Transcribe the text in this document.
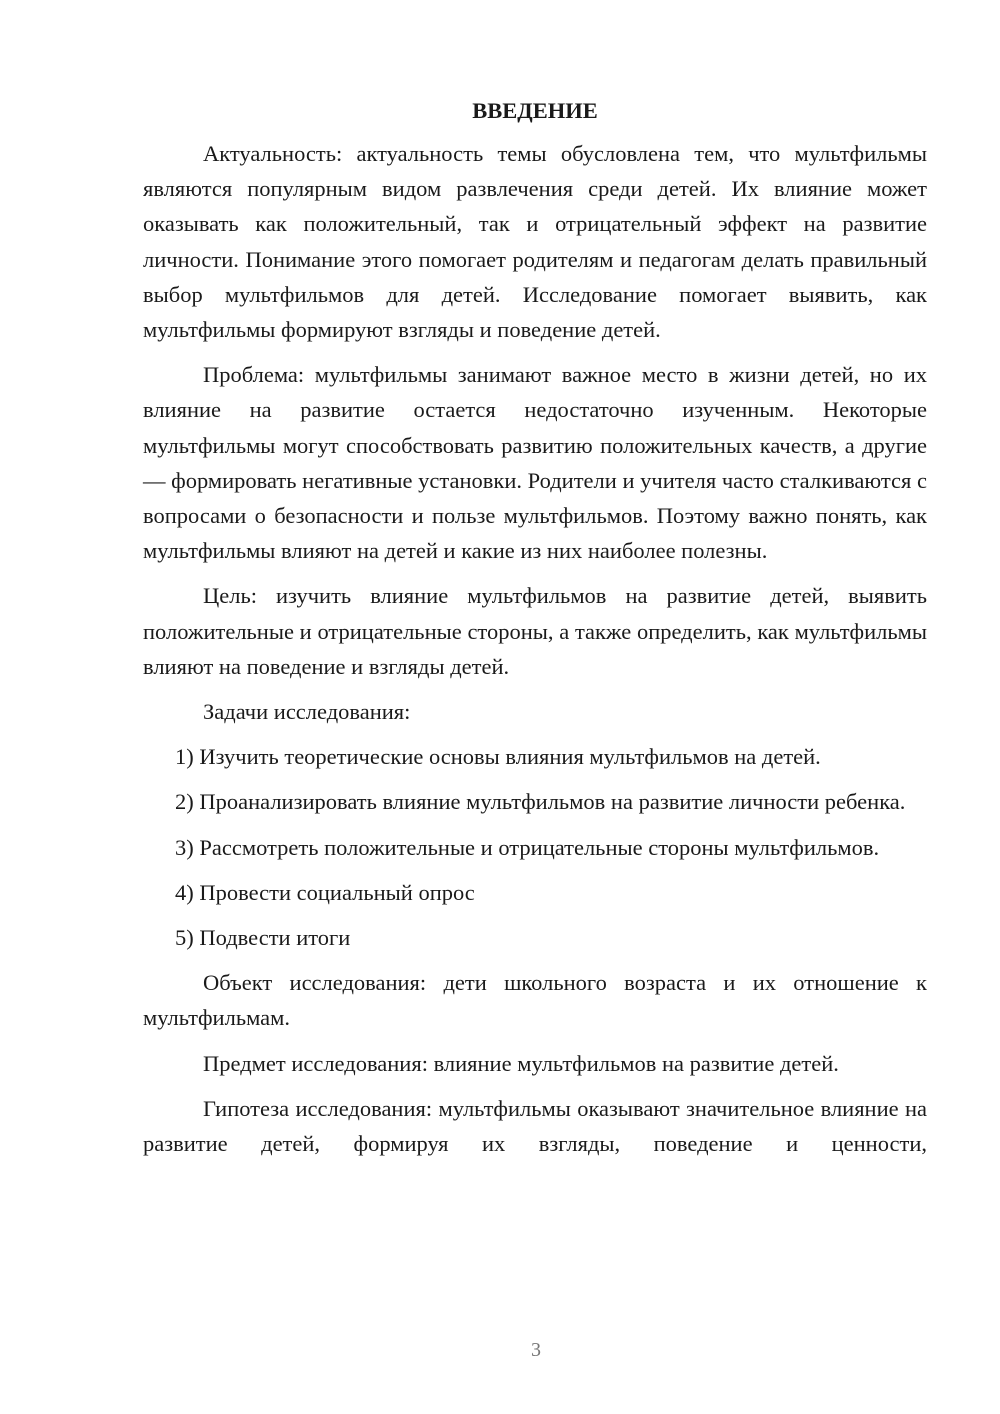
ВВЕДЕНИЕ

Актуальность: актуальность темы обусловлена тем, что мультфильмы являются популярным видом развлечения среди детей. Их влияние может оказывать как положительный, так и отрицательный эффект на развитие личности. Понимание этого помогает родителям и педагогам делать правильный выбор мультфильмов для детей. Исследование помогает выявить, как мультфильмы формируют взгляды и поведение детей.

Проблема: мультфильмы занимают важное место в жизни детей, но их влияние на развитие остается недостаточно изученным. Некоторые мультфильмы могут способствовать развитию положительных качеств, а другие — формировать негативные установки. Родители и учителя часто сталкиваются с вопросами о безопасности и пользе мультфильмов. Поэтому важно понять, как мультфильмы влияют на детей и какие из них наиболее полезны.

Цель: изучить влияние мультфильмов на развитие детей, выявить положительные и отрицательные стороны, а также определить, как мультфильмы влияют на поведение и взгляды детей.

Задачи исследования:

1) Изучить теоретические основы влияния мультфильмов на детей.

2) Проанализировать влияние мультфильмов на развитие личности ребенка.

3) Рассмотреть положительные и отрицательные стороны мультфильмов.

4) Провести социальный опрос

5) Подвести итоги

Объект исследования: дети школьного возраста и их отношение к мультфильмам.

Предмет исследования: влияние мультфильмов на развитие детей.

Гипотеза исследования: мультфильмы оказывают значительное влияние на развитие детей, формируя их взгляды, поведение и ценности,

3
